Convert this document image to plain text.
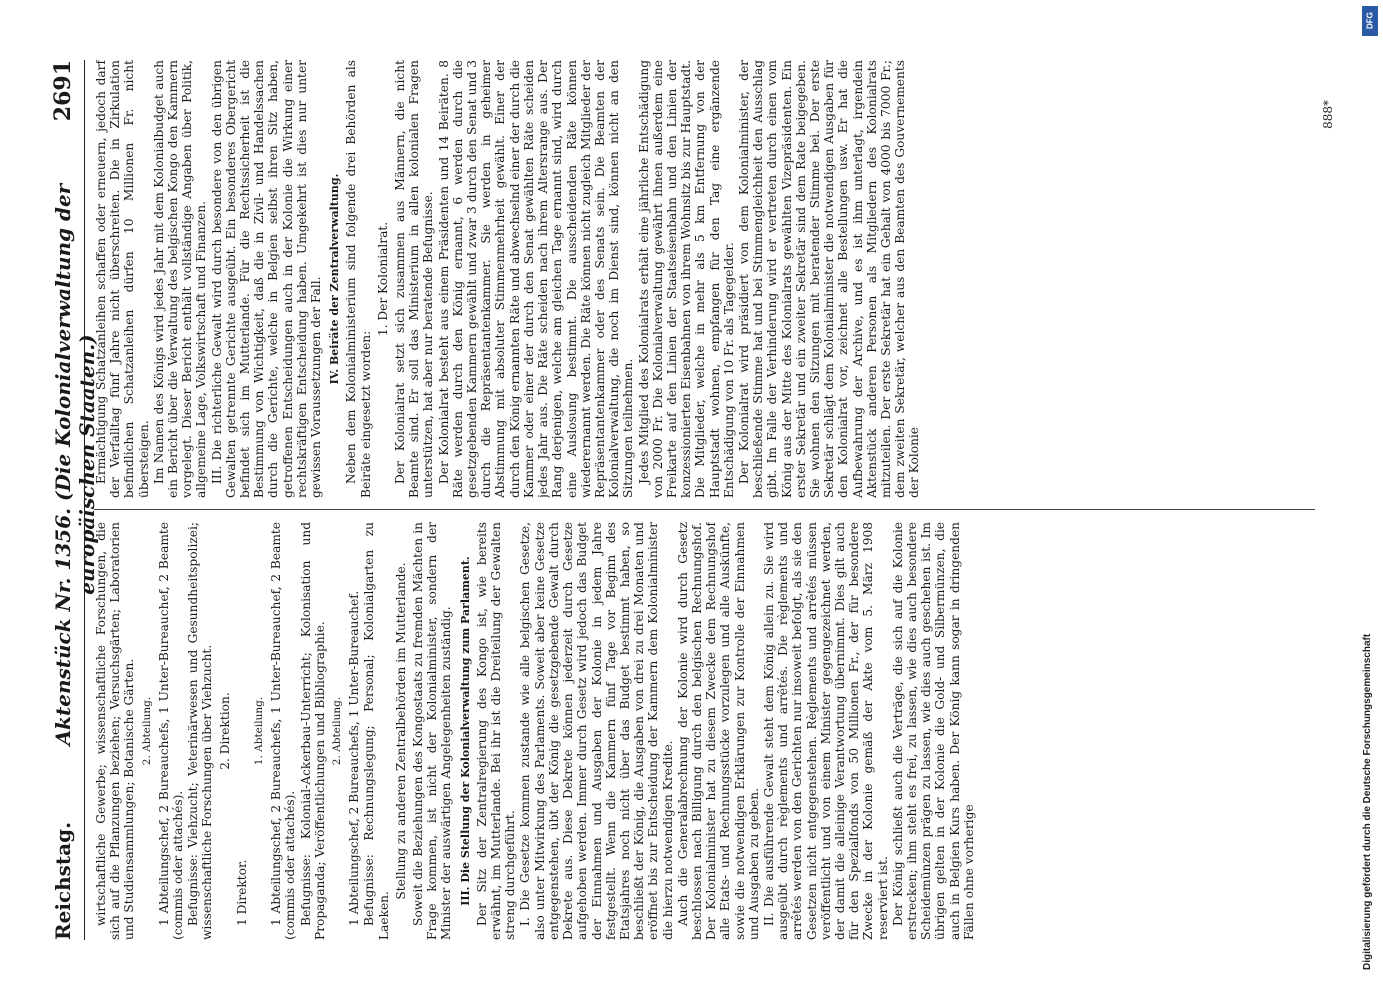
Reichstag.
Aktenstück Nr. 1356. (Die Kolonialverwaltung der europäischen Staaten.)
2691

wirtschaftliche Gewerbe; wissenschaftliche Forschungen, die sich auf die Pflanzungen beziehen; Versuchsgärten; Laboratorien und Studiensammlungen; Botanische Gärten. 2. Abteilung. 1 Abteilungschef, 2 Bureauchefs, 1 Unter-Bureauchef, 2 Beamte (commis oder attachés). Befugnisse: Viehzucht; Veterinärwesen und Gesundheitspolizei; wissenschaftliche Forschungen über Viehzucht. 2. Direktion.

1 Direktor.

1. Abteilung. 1 Abteilungschef, 2 Bureauchefs, 1 Unter-Bureauchef, 2 Beamte (commis oder attachés). Befugnisse: Kolonial-Ackerbau-Unterricht; Kolonisation und Propaganda; Veröffentlichungen und Bibliographie. 2. Abteilung. 1 Abteilungschef, 2 Bureauchefs, 1 Unter-Bureauchef. Befugnisse: Rechnungslegung; Personal; Kolonialgarten zu Laeken.

Stellung zu anderen Zentralbehörden im Mutterlande. Soweit die Beziehungen des Kongostaats zu fremden Mächten in Frage kommen, ist nicht der Kolonialminister, sondern der Minister der auswärtigen Angelegenheiten zuständig. III. Die Stellung der Kolonialverwaltung zum Parlament. Der Sitz der Zentralregierung des Kongo ist, wie bereits erwähnt, im Mutterlande. Bei ihr ist die Dreiteilung der Gewalten streng durchgeführt. I. Die Gesetze kommen zustande wie alle belgischen Gesetze, also unter Mitwirkung des Parlaments. Soweit aber keine Gesetze entgegenstehen, übt der König die gesetzgebende Gewalt durch Dekrete aus. Diese Dekrete können jederzeit durch Gesetze aufgehoben werden. Immer durch Gesetz wird jedoch das Budget der Einnahmen und Ausgaben der Kolonie in jedem Jahre festgestellt. Wenn die Kammern fünf Tage vor Beginn des Etatsjahres noch nicht über das Budget bestimmt haben, so beschließt der König, die Ausgaben von drei zu drei Monaten und eröffnet bis zur Entscheidung der Kammern dem Kolonialminister die hierzu notwendigen Kredite. Auch die Generalabrechnung der Kolonie wird durch Gesetz beschlossen nach Billigung durch den belgischen Rechnungshof. Der Kolonialminister hat zu diesem Zwecke dem Rechnungshof alle Etats- und Rechnungsstücke vorzulegen und alle Auskünfte, sowie die notwendigen Erklärungen zur Kontrolle der Einnahmen und Ausgaben zu geben. II. Die ausführende Gewalt steht dem König allein zu. Sie wird ausgeübt durch règlements und arrêtés. Die règlements und arrêtés werden von den Gerichten nur insoweit befolgt, als sie den Gesetzen nicht entgegenstehen. Règlements und arrêtés müssen veröffentlicht und von einem Minister gegengezeichnet werden, der damit die alleinige Verantwortung übernimmt. Dies gilt auch für den Spezialfonds von 50 Millionen Fr., der für besondere Zwecke in der Kolonie gemäß der Akte vom 5. März 1908 reserviert ist. Der König schließt auch die Verträge, die sich auf die Kolonie erstrecken; ihm steht es frei, zu lassen, wie dies auch besondere Scheidemünzen prägen zu lassen, wie dies auch geschehen ist. Im übrigen gelten in der Kolonie die Gold- und Silbermünzen, die auch in Belgien Kurs haben. Der König kann sogar in dringenden Fällen ohne vorherige

Ermächtigung Schatzanleihen schaffen oder erneuern, jedoch darf der Verfalltag fünf Jahre nicht überschreiten. Die in Zirkulation befindlichen Schatzanleihen dürfen 10 Millionen Fr. nicht übersteigen. Im Namen des Königs wird jedes Jahr mit dem Kolonialbudget auch ein Bericht über die Verwaltung des belgischen Kongo den Kammern vorgelegt. Dieser Bericht enthält vollständige Angaben über Politik, allgemeine Lage, Volkswirtschaft und Finanzen. III. Die richterliche Gewalt wird durch besondere von den übrigen Gewalten getrennte Gerichte ausgeübt. Ein besonderes Obergericht befindet sich im Mutterlande. Für die Rechtssicherheit ist die Bestimmung von Wichtigkeit, daß die in Zivil- und Handelssachen durch die Gerichte, welche in Belgien selbst ihren Sitz haben, getroffenen Entscheidungen auch in der Kolonie die Wirkung einer rechtskräftigen Entscheidung haben. Umgekehrt ist dies nur unter gewissen Voraussetzungen der Fall. IV. Beiräte der Zentralverwaltung. Neben dem Kolonialministerium sind folgende drei Behörden als Beiräte eingesetzt worden:

1. Der Kolonialrat. Der Kolonialrat setzt sich zusammen aus Männern, die nicht Beamte sind. Er soll das Ministerium in allen kolonialen Fragen unterstützen, hat aber nur beratende Befugnisse. Der Kolonialrat besteht aus einem Präsidenten und 14 Beiräten. 8 Räte werden durch den König ernannt, 6 werden durch die gesetzgebenden Kammern gewählt und zwar 3 durch den Senat und 3 durch die Repräsentantenkammer. Sie werden in geheimer Abstimmung mit absoluter Stimmenmehrheit gewählt. Einer der durch den König ernannten Räte und abwechselnd einer der durch die Kammer oder einer der durch den Senat gewählten Räte scheiden jedes Jahr aus. Die Räte scheiden nach ihrem Altersrange aus. Der Rang derjenigen, welche am gleichen Tage ernannt sind, wird durch eine Auslosung bestimmt. Die ausscheidenden Räte können wiederernannt werden. Die Räte können nicht zugleich Mitglieder der Repräsentantenkammer oder des Senats sein. Die Beamten der Kolonialverwaltung, die noch im Dienst sind, können nicht an den Sitzungen teilnehmen. Jedes Mitglied des Kolonialrats erhält eine jährliche Entschädigung von 2000 Fr. Die Kolonialverwaltung gewährt ihnen außerdem eine Freikarte auf den Linien der Staatseisenbahn und den Linien der konzessionierten Eisenbahnen von ihrem Wohnsitz bis zur Hauptstadt. Die Mitglieder, welche in mehr als 5 km Entfernung von der Hauptstadt wohnen, empfangen für den Tag eine ergänzende Entschädigung von 10 Fr. als Tagegelder. Der Kolonialrat wird präsidiert von dem Kolonialminister, der beschließende Stimme hat und bei Stimmengleichheit den Ausschlag gibt. Im Falle der Verhinderung wird er vertreten durch einen vom König aus der Mitte des Kolonialrats gewählten Vizepräsidenten. Ein erster Sekretär und ein zweiter Sekretär sind dem Rate beigegeben. Sie wohnen den Sitzungen mit beratender Stimme bei. Der erste Sekretär schlägt dem Kolonialminister die notwendigen Ausgaben für den Kolonialrat vor, zeichnet alle Bestellungen usw. Er hat die Aufbewahrung der Archive, und es ist ihm unterlagt, irgendein Aktenstück anderen Personen als Mitgliedern des Kolonialrats mitzuteilen. Der erste Sekretär hat ein Gehalt von 4000 bis 7000 Fr.; dem zweiten Sekretär, welcher aus den Beamten des Gouvernements der Kolonie

888*
Digitalisierung gefördert durch die Deutsche Forschungsgemeinschaft
DFG
